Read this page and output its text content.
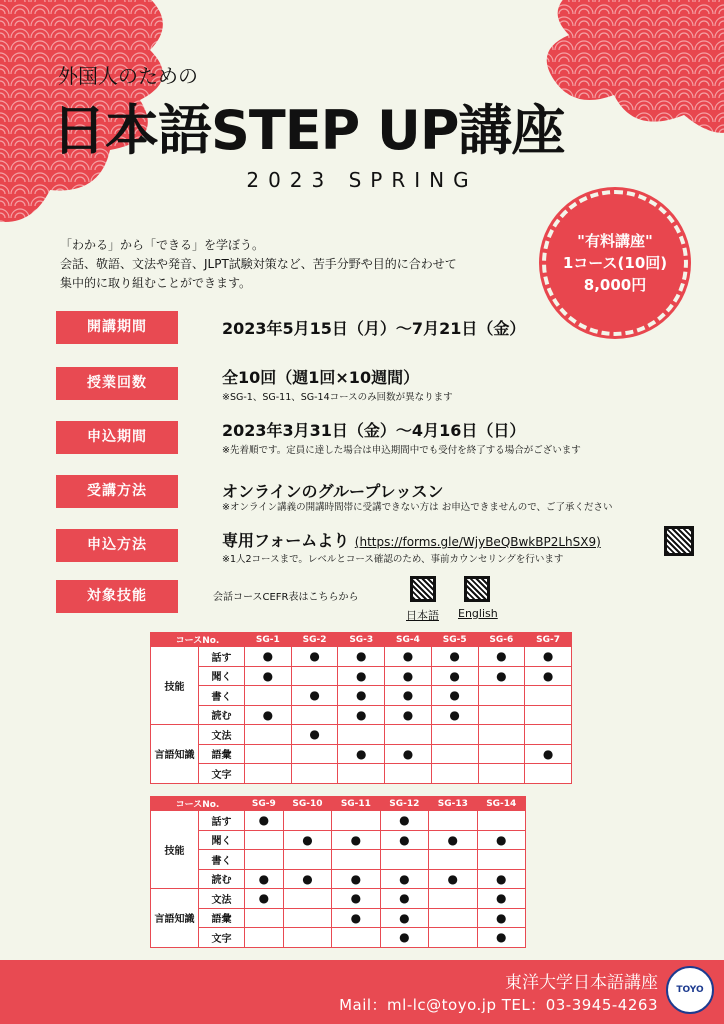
外国人のための
日本語STEP UP講座
2023 SPRING
"有料講座"
1コース(10回)
8,000円
「わかる」から「できる」を学ぼう。
会話、敬語、文法や発音、JLPT試験対策など、苦手分野や目的に合わせて
集中的に取り組むことができます。
開講期間	2023年5月15日（月）〜7月21日（金）
授業回数	全10回（週1回×10週間）
※SG-1、SG-11、SG-14コースのみ回数が異なります
申込期間	2023年3月31日（金）〜4月16日（日）
※先着順です。定員に達した場合は申込期間中でも受付を終了する場合がございます
受講方法	オンラインのグループレッスン
※オンライン講義の開講時間帯に受講できない方は お申込できませんので、ご了承ください
申込方法	専用フォームより (https://forms.gle/WjyBeQBwkBP2LhSX9)
※1人2コースまで。レベルとコース確認のため、事前カウンセリングを行います
対象技能	会話コースCEFR表はこちらから
日本語 English
コースNo.		SG-1	SG-2	SG-3	SG-4	SG-5	SG-6	SG-7
技能	話す	●	●	●	●	●	●	●
	聞く	●		●	●	●	●	●
	書く		●	●	●	●		
	読む	●		●	●	●		
言語知識	文法		●					
	語彙			●	●			●
	文字							
コースNo.		SG-9	SG-10	SG-11	SG-12	SG-13	SG-14
技能	話す	●			●		
	聞く		●	●	●	●	●
	書く						
	読む	●	●	●	●	●	●
言語知識	文法	●		●	●		●
	語彙			●	●		●
	文字				●		●
東洋大学日本語講座
Mail：ml-lc@toyo.jp TEL：03-3945-4263
TOYO
